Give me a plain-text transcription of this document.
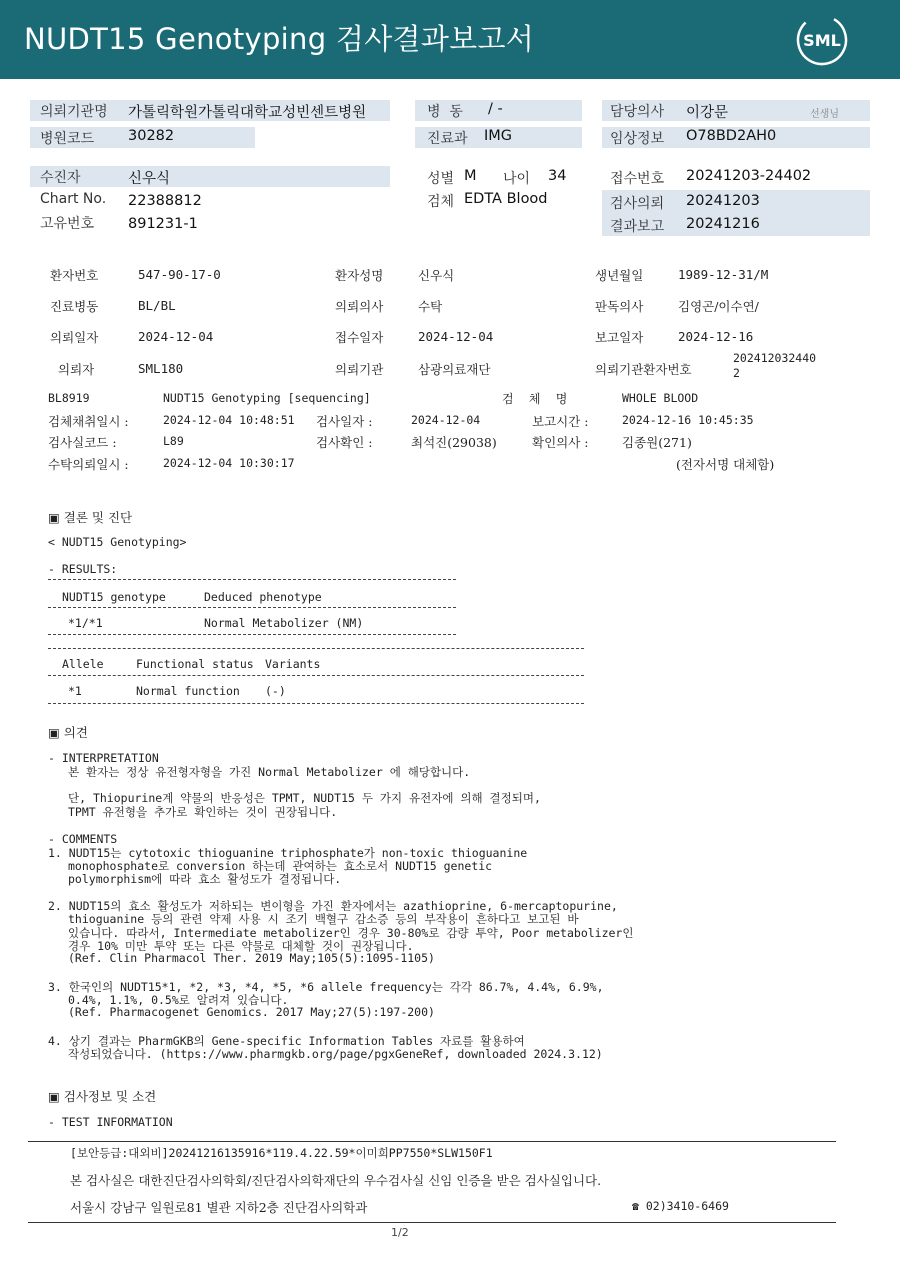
NUDT15 Genotyping 검사결과보고서	SML
의뢰기관명 가톨릭학원가톨릭대학교성빈센트병원
병원코드 30282
병  동 / -
진료과 IMG
담당의사 이강문	선생님
임상정보 O78BD2AH0
수진자	신우식
Chart No. 22388812
고유번호 891231-1
성별 M 나이 34
검체 EDTA Blood
접수번호 20241203-24402
검사의뢰 20241203
결과보고 20241216
환자번호	547-90-17-0	환자성명	신우식	생년월일	1989-12-31/M
진료병동	BL/BL	의뢰의사	수탁	판독의사	김영곤/이수연/
의뢰일자	2024-12-04	접수일자	2024-12-04	보고일자	2024-12-16
의뢰자	SML180	의뢰기관	삼광의료재단	의뢰기관환자번호
202412032440
2
BL8919	NUDT15 Genotyping [sequencing]	검    체    명	WHOLE BLOOD
검체채취일시 :	2024-12-04 10:48:51 검사일자 :	2024-12-04	보고시간 :	2024-12-16 10:45:35
검사실코드 :	L89	검사확인 :	최석진(29038)	확인의사 :	김종원(271)
수탁의뢰일시 :	2024-12-04 10:30:17	(전자서명 대체함)
▣ 결론 및 진단
< NUDT15 Genotyping>
- RESULTS:
NUDT15 genotype	Deduced phenotype
*1/*1	Normal Metabolizer (NM)
Allele	Functional status Variants
*1	Normal function (-)
▣ 의견
- INTERPRETATION
본 환자는 정상 유전형자형을 가진 Normal Metabolizer 에 해당합니다.
단, Thiopurine계 약물의 반응성은 TPMT, NUDT15 두 가지 유전자에 의해 결정되며,
TPMT 유전형을 추가로 확인하는 것이 권장됩니다.
- COMMENTS
1. NUDT15는 cytotoxic thioguanine triphosphate가 non-toxic thioguanine
monophosphate로 conversion 하는데 관여하는 효소로서 NUDT15 genetic
polymorphism에 따라 효소 활성도가 결정됩니다.
2. NUDT15의 효소 활성도가 저하되는 변이형을 가진 환자에서는 azathioprine, 6-mercaptopurine,
thioguanine 등의 관련 약제 사용 시 조기 백혈구 감소증 등의 부작용이 흔하다고 보고된 바
있습니다. 따라서, Intermediate metabolizer인 경우 30-80%로 감량 투약, Poor metabolizer인
경우 10% 미만 투약 또는 다른 약물로 대체할 것이 권장됩니다.
(Ref. Clin Pharmacol Ther. 2019 May;105(5):1095-1105)
3. 한국인의 NUDT15*1, *2, *3, *4, *5, *6 allele frequency는 각각 86.7%, 4.4%, 6.9%,
0.4%, 1.1%, 0.5%로 알려져 있습니다.
(Ref. Pharmacogenet Genomics. 2017 May;27(5):197-200)
4. 상기 결과는 PharmGKB의 Gene-specific Information Tables 자료를 활용하여
작성되었습니다. (https://www.pharmgkb.org/page/pgxGeneRef, downloaded 2024.3.12)
▣ 검사정보 및 소견
- TEST INFORMATION
[보안등급:대외비]20241216135916*119.4.22.59*이미희PP7550*SLW150F1
본 검사실은 대한진단검사의학회/진단검사의학재단의 우수검사실 신임 인증을 받은 검사실입니다.
서울시 강남구 일원로81 별관 지하2층 진단검사의학과	☎ 02)3410-6469
1/2
